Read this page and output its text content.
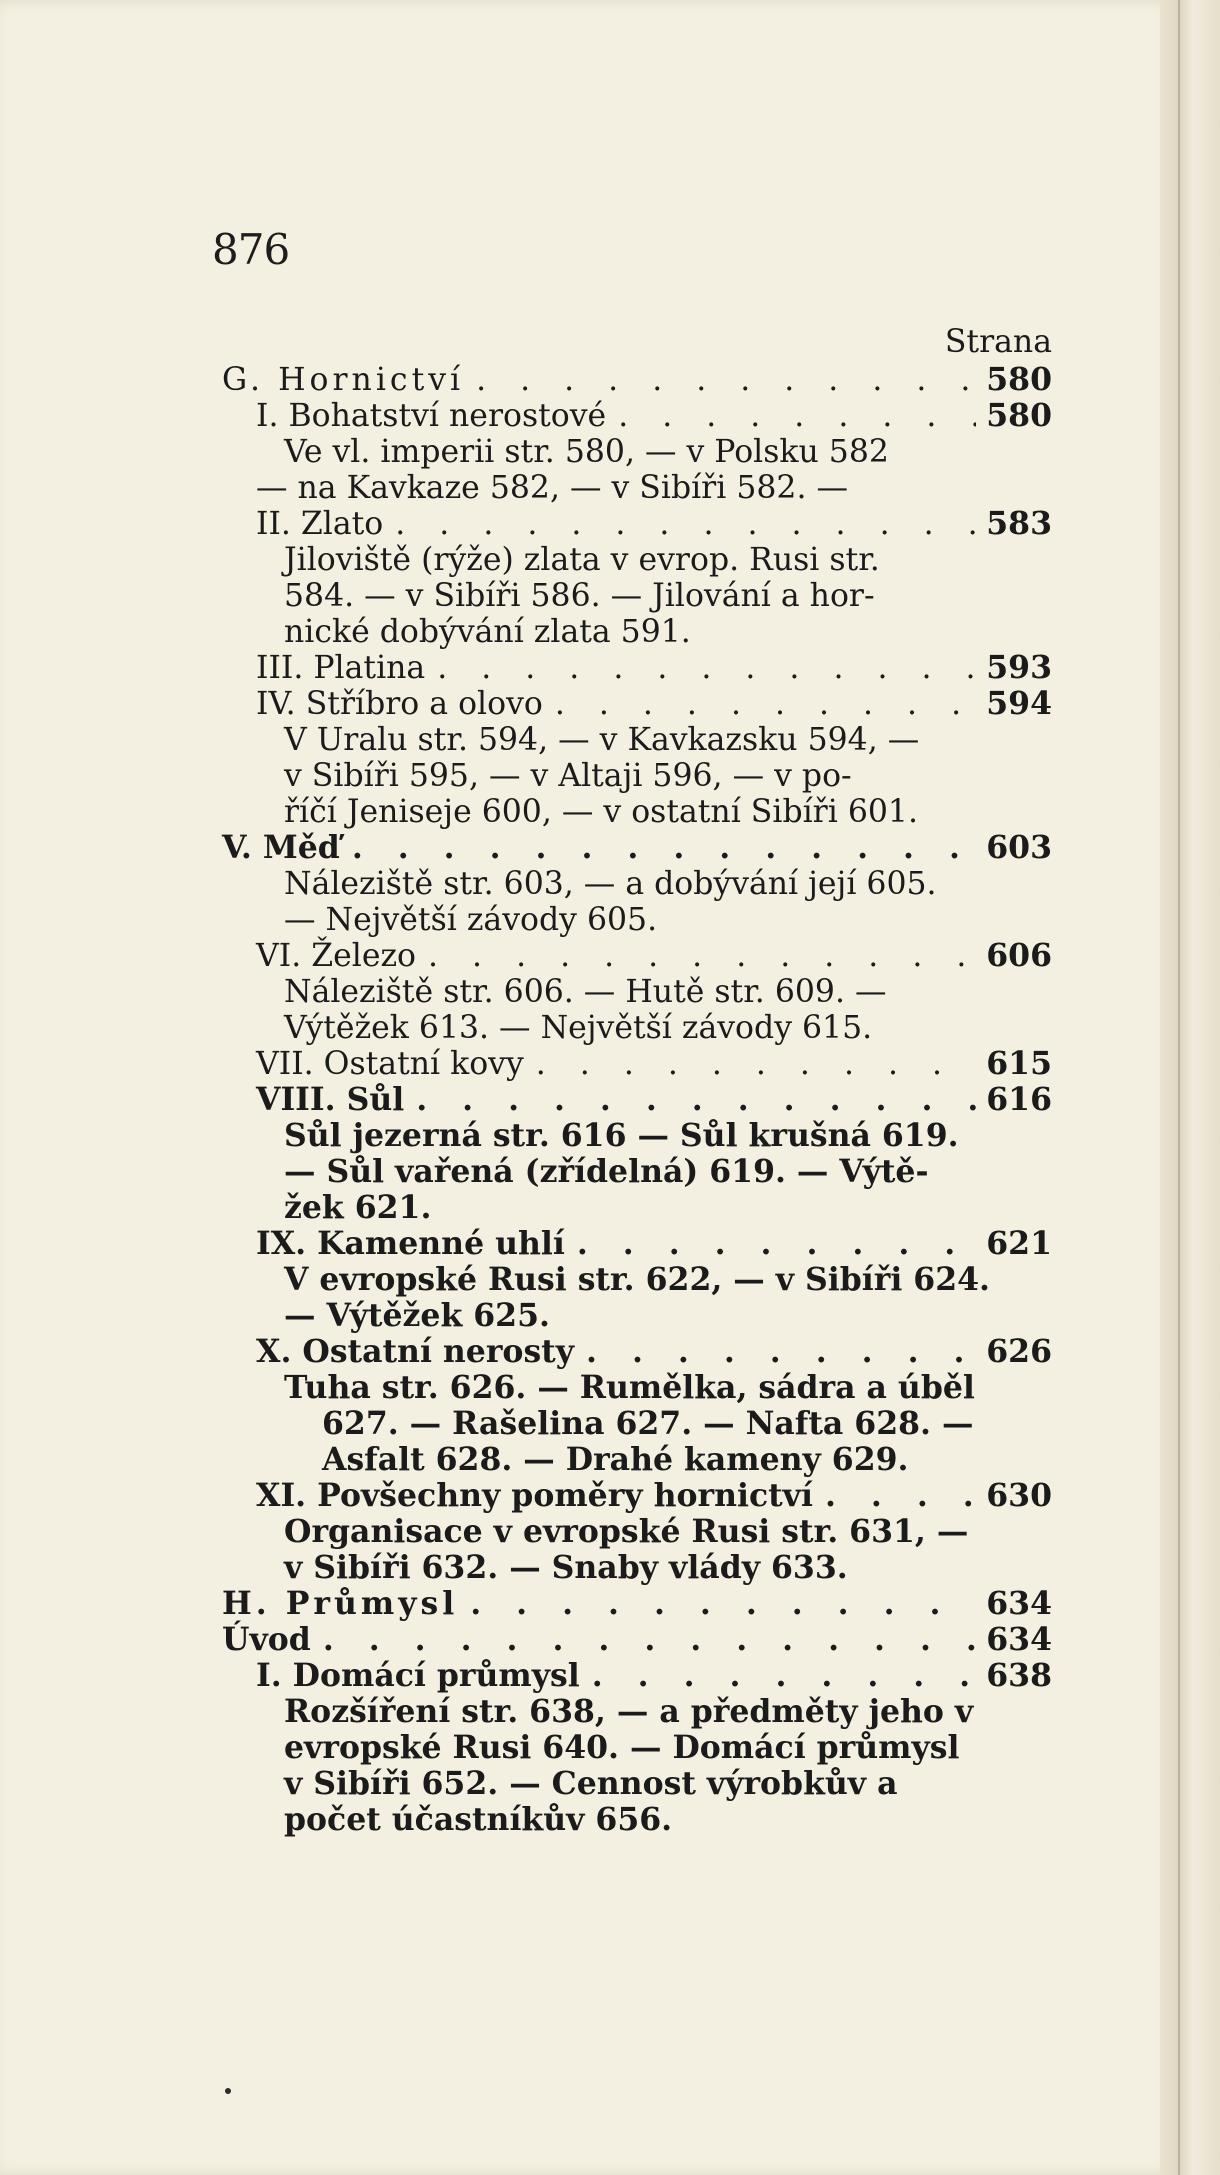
876
Strana
G. Hornictví . . .	580
I. Bohatství nerostové . . .	580
Ve vl. imperii str. 580, — v Polsku 582
— na Kavkaze 582, — v Sibíři 582. —
II. Zlato . . .	583
Jiloviště (rýže) zlata v evrop. Rusi str.
584. — v Sibíři 586. — Jilování a hor-
nické dobývání zlata 591.
III. Platina . . .	593
IV. Stříbro a olovo . . .	594
V Uralu str. 594, — v Kavkazsku 594, —
v Sibíři 595, — v Altaji 596, — v po-
říčí Jeniseje 600, — v ostatní Sibíři 601.
V. Měď . . .	603
Náleziště str. 603, — a dobývání její 605.
— Největší závody 605.
VI. Železo . . .	606
Náleziště str. 606. — Hutě str. 609. —
Výtěžek 613. — Největší závody 615.
VII. Ostatní kovy . . .	615
VIII. Sůl . . .	616
Sůl jezerná str. 616 — Sůl krušná 619.
— Sůl vařená (zřídelná) 619. — Výtě-
žek 621.
IX. Kamenné uhlí . . .	621
V evropské Rusi str. 622, — v Sibíři 624.
— Výtěžek 625.
X. Ostatní nerosty . . .	626
Tuha str. 626. — Rumělka, sádra a úběl
627. — Rašelina 627. — Nafta 628. —
Asfalt 628. — Drahé kameny 629.
XI. Povšechny poměry hornictví . . .	630
Organisace v evropské Rusi str. 631, —
v Sibíři 632. — Snaby vlády 633.
H. Průmysl . . .	634
Úvod . . .	634
I. Domácí průmysl . . .	638
Rozšíření str. 638, — a předměty jeho v
evropské Rusi 640. — Domácí průmysl
v Sibíři 652. — Cennost výrobkův a
počet účastníkův 656.
